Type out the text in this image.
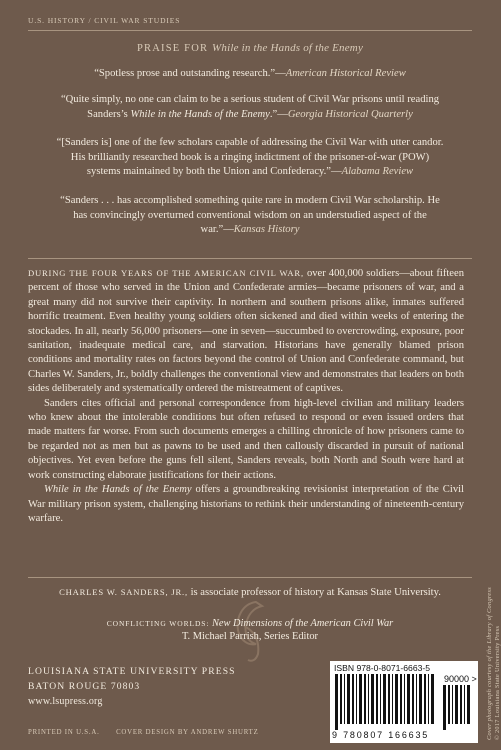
U.S. HISTORY / CIVIL WAR STUDIES
PRAISE FOR While in the Hands of the Enemy
“Spotless prose and outstanding research.”—American Historical Review
“Quite simply, no one can claim to be a serious student of Civil War prisons until reading Sanders’s While in the Hands of the Enemy.”—Georgia Historical Quarterly
“[Sanders is] one of the few scholars capable of addressing the Civil War with utter candor. His brilliantly researched book is a ringing indictment of the prisoner-of-war (POW) systems maintained by both the Union and Confederacy.”—Alabama Review
“Sanders . . . has accomplished something quite rare in modern Civil War scholarship. He has convincingly overturned conventional wisdom on an understudied aspect of the war.”—Kansas History

DURING THE FOUR YEARS OF THE AMERICAN CIVIL WAR, over 400,000 soldiers—about fifteen percent of those who served in the Union and Confederate armies—became prisoners of war, and a great many did not survive their captivity. In northern and southern prisons alike, inmates suffered horrific treatment. Even healthy young soldiers often sickened and died within weeks of entering the stockades. In all, nearly 56,000 prisoners—one in seven—succumbed to overcrowding, exposure, poor sanitation, inadequate medical care, and starvation. Historians have generally blamed prison conditions and mortality rates on factors beyond the control of Union and Confederate command, but Charles W. Sanders, Jr., boldly challenges the conventional view and demonstrates that leaders on both sides deliberately and systematically ordered the mistreatment of captives.

Sanders cites official and personal correspondence from high-level civilian and military leaders who knew about the intolerable conditions but often refused to respond or even issued orders that made matters far worse. From such documents emerges a chilling chronicle of how prisoners came to be regarded not as men but as pawns to be used and then callously discarded in pursuit of national objectives. Yet even before the guns fell silent, Sanders reveals, both North and South were hard at work constructing elaborate justifications for their actions.

While in the Hands of the Enemy offers a groundbreaking revisionist interpretation of the Civil War military prison system, challenging historians to rethink their understanding of nineteenth-century warfare.

CHARLES W. SANDERS, JR., is associate professor of history at Kansas State University.
CONFLICTING WORLDS: New Dimensions of the American Civil War
T. Michael Parrish, Series Editor
LOUISIANA STATE UNIVERSITY PRESS
BATON ROUGE 70803
www.lsupress.org
PRINTED IN U.S.A. COVER DESIGN BY ANDREW SHURTZ	Cover photograph courtesy of the Library of Congress © 2017 Louisiana State University Press
ISBN 978-0-8071-6663-5
90000 >
9 780807 166635
